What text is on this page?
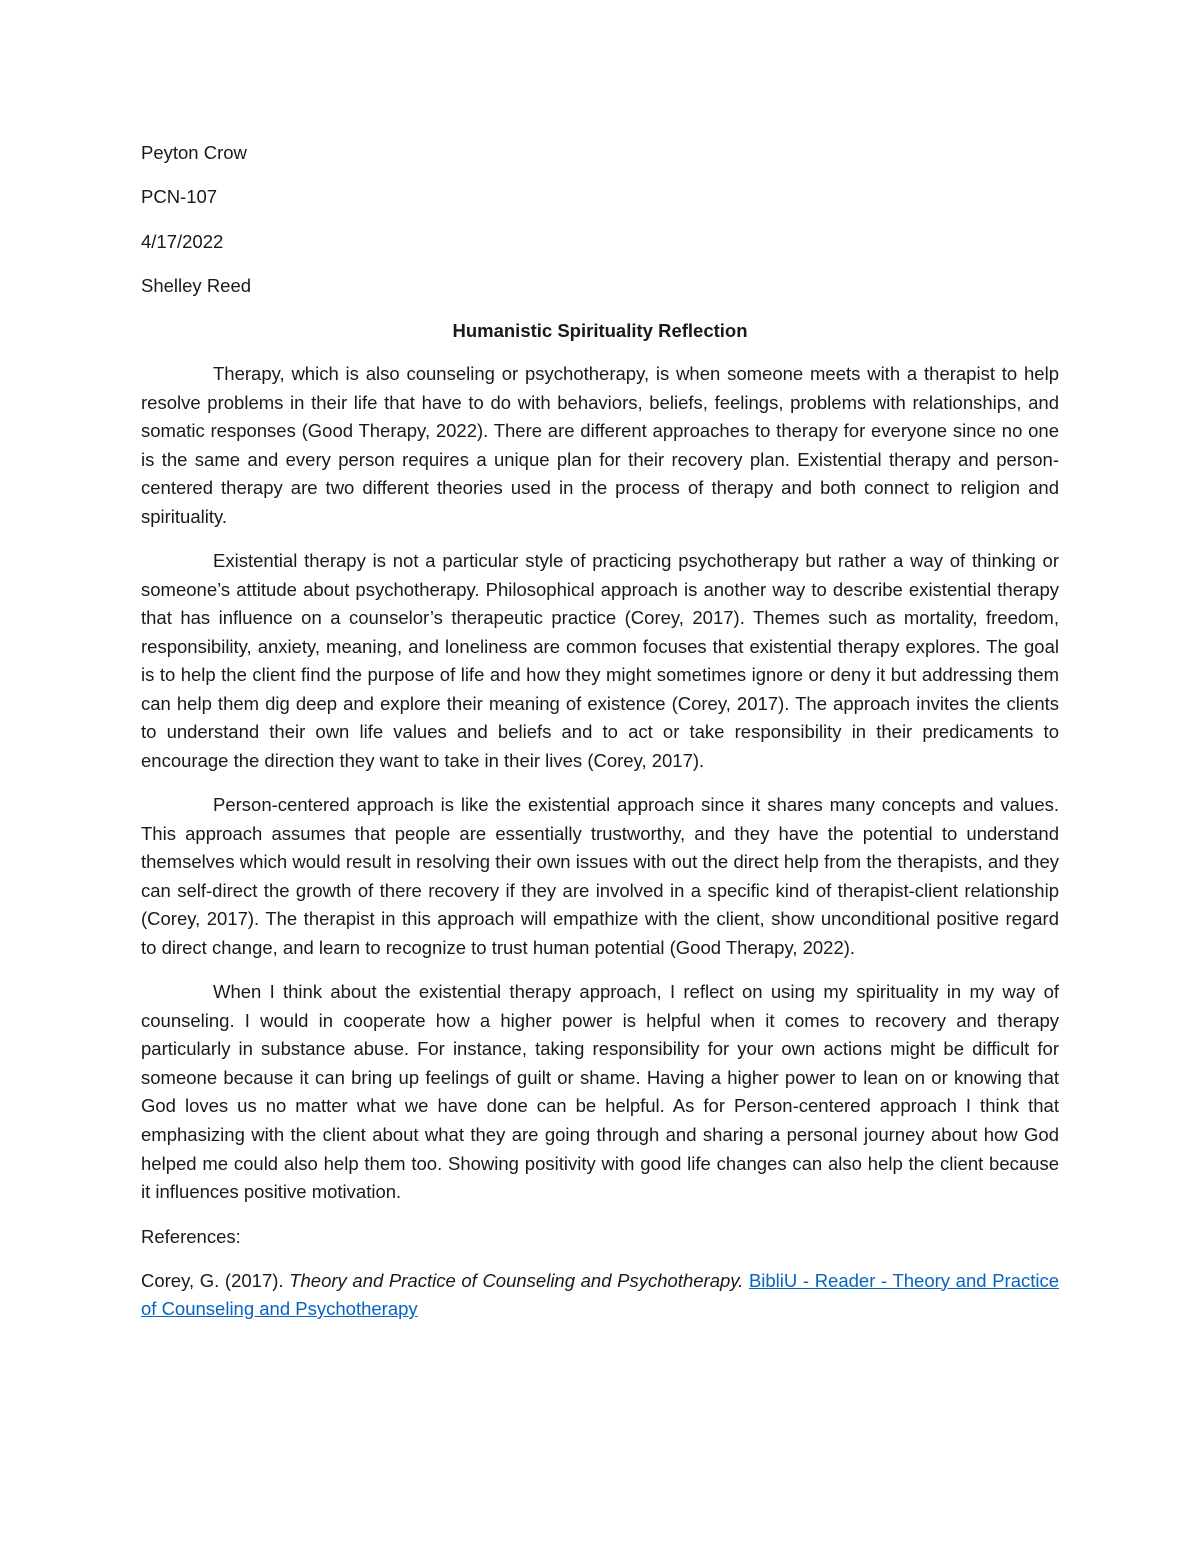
Peyton Crow

PCN-107

4/17/2022

Shelley Reed

Humanistic Spirituality Reflection

Therapy, which is also counseling or psychotherapy, is when someone meets with a therapist to help resolve problems in their life that have to do with behaviors, beliefs, feelings, problems with relationships, and somatic responses (Good Therapy, 2022). There are different approaches to therapy for everyone since no one is the same and every person requires a unique plan for their recovery plan. Existential therapy and person-centered therapy are two different theories used in the process of therapy and both connect to religion and spirituality.

Existential therapy is not a particular style of practicing psychotherapy but rather a way of thinking or someone’s attitude about psychotherapy. Philosophical approach is another way to describe existential therapy that has influence on a counselor’s therapeutic practice (Corey, 2017). Themes such as mortality, freedom, responsibility, anxiety, meaning, and loneliness are common focuses that existential therapy explores. The goal is to help the client find the purpose of life and how they might sometimes ignore or deny it but addressing them can help them dig deep and explore their meaning of existence (Corey, 2017). The approach invites the clients to understand their own life values and beliefs and to act or take responsibility in their predicaments to encourage the direction they want to take in their lives (Corey, 2017).

Person-centered approach is like the existential approach since it shares many concepts and values. This approach assumes that people are essentially trustworthy, and they have the potential to understand themselves which would result in resolving their own issues with out the direct help from the therapists, and they can self-direct the growth of there recovery if they are involved in a specific kind of therapist-client relationship (Corey, 2017). The therapist in this approach will empathize with the client, show unconditional positive regard to direct change, and learn to recognize to trust human potential (Good Therapy, 2022).

When I think about the existential therapy approach, I reflect on using my spirituality in my way of counseling. I would in cooperate how a higher power is helpful when it comes to recovery and therapy particularly in substance abuse. For instance, taking responsibility for your own actions might be difficult for someone because it can bring up feelings of guilt or shame. Having a higher power to lean on or knowing that God loves us no matter what we have done can be helpful. As for Person-centered approach I think that emphasizing with the client about what they are going through and sharing a personal journey about how God helped me could also help them too. Showing positivity with good life changes can also help the client because it influences positive motivation.

References:

Corey, G. (2017). Theory and Practice of Counseling and Psychotherapy. BibliU - Reader - Theory and Practice of Counseling and Psychotherapy
